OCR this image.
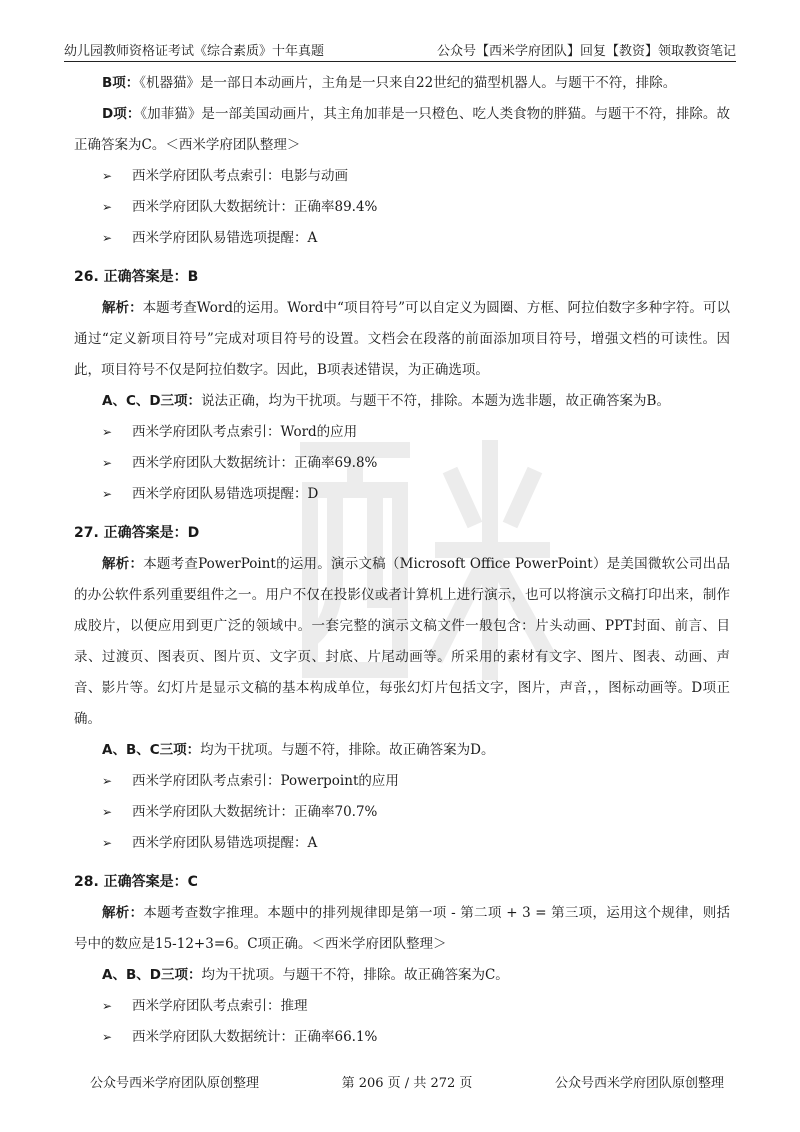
幼儿园教师资格证考试《综合素质》十年真题	公众号【西米学府团队】回复【教资】领取教资笔记

B项：《机器猫》是一部日本动画片，主角是一只来自22世纪的猫型机器人。与题干不符，排除。

D项：《加菲猫》是一部美国动画片，其主角加菲是一只橙色、吃人类食物的胖猫。与题干不符，排除。故正确答案为C。＜西米学府团队整理＞

➢	西米学府团队考点索引：电影与动画

➢	西米学府团队大数据统计：正确率89.4%

➢	西米学府团队易错选项提醒：A

26. 正确答案是：B

解析：本题考查Word的运用。Word中“项目符号”可以自定义为圆圈、方框、阿拉伯数字多种字符。可以通过“定义新项目符号”完成对项目符号的设置。文档会在段落的前面添加项目符号，增强文档的可读性。因此，项目符号不仅是阿拉伯数字。因此，B项表述错误，为正确选项。

A、C、D三项：说法正确，均为干扰项。与题干不符，排除。本题为选非题，故正确答案为B。

➢	西米学府团队考点索引：Word的应用

➢	西米学府团队大数据统计：正确率69.8%

➢	西米学府团队易错选项提醒：D

27. 正确答案是：D

解析：本题考查PowerPoint的运用。演示文稿（Microsoft Office PowerPoint）是美国微软公司出品的办公软件系列重要组件之一。用户不仅在投影仪或者计算机上进行演示，也可以将演示文稿打印出来，制作成胶片，以便应用到更广泛的领域中。一套完整的演示文稿文件一般包含：片头动画、PPT封面、前言、目录、过渡页、图表页、图片页、文字页、封底、片尾动画等。所采用的素材有文字、图片、图表、动画、声音、影片等。幻灯片是显示文稿的基本构成单位，每张幻灯片包括文字，图片，声音，，图标动画等。D项正确。

A、B、C三项：均为干扰项。与题不符，排除。故正确答案为D。

➢	西米学府团队考点索引：Powerpoint的应用

➢	西米学府团队大数据统计：正确率70.7%

➢	西米学府团队易错选项提醒：A

28. 正确答案是：C

解析：本题考查数字推理。本题中的排列规律即是第一项 - 第二项 + 3 = 第三项，运用这个规律，则括号中的数应是15-12+3=6。C项正确。＜西米学府团队整理＞

A、B、D三项：均为干扰项。与题干不符，排除。故正确答案为C。

➢	西米学府团队考点索引：推理

➢	西米学府团队大数据统计：正确率66.1%

公众号西米学府团队原创整理	第 206 页 / 共 272 页	公众号西米学府团队原创整理
